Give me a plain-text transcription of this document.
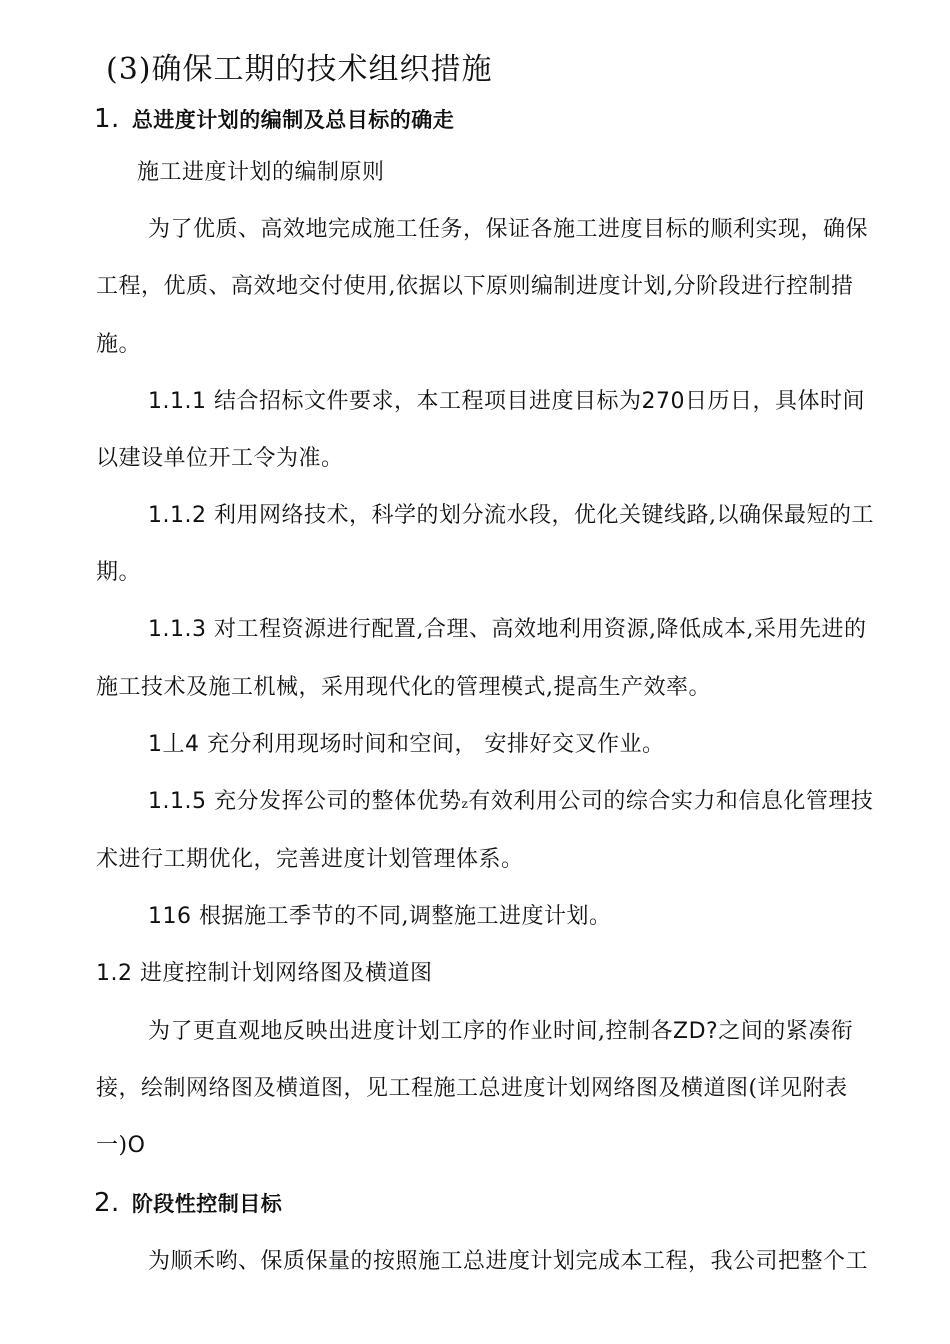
(3)确保工期的技术组织措施
1. 总进度计划的编制及总目标的确走
施工进度计划的编制原则
为了优质、高效地完成施工任务，保证各施工进度目标的顺利实现，确保
工程，优质、高效地交付使用,依据以下原则编制进度计划,分阶段进行控制措
施。
1.1.1 结合招标文件要求，本工程项目进度目标为270日历日，具体时间
以建设单位开工令为准。
1.1.2 利用网络技术，科学的划分流水段，优化关键线路,以确保最短的工
期。
1.1.3 对工程资源进行配置,合理、高效地利用资源,降低成本,采用先进的
施工技术及施工机械，采用现代化的管理模式,提高生产效率。
1丄4 充分利用现场时间和空间， 安排好交叉作业。
1.1.5 充分发挥公司的整体优势z有效利用公司的综合实力和信息化管理技
术进行工期优化，完善进度计划管理体系。
116 根据施工季节的不同,调整施工进度计划。
1.2 进度控制计划网络图及横道图
为了更直观地反映出进度计划工序的作业时间,控制各ZD?之间的紧凑衔
接，绘制网络图及横道图，见工程施工总进度计划网络图及横道图(详见附表
一)O
2. 阶段性控制目标
为顺禾哟、保质保量的按照施工总进度计划完成本工程，我公司把整个工
